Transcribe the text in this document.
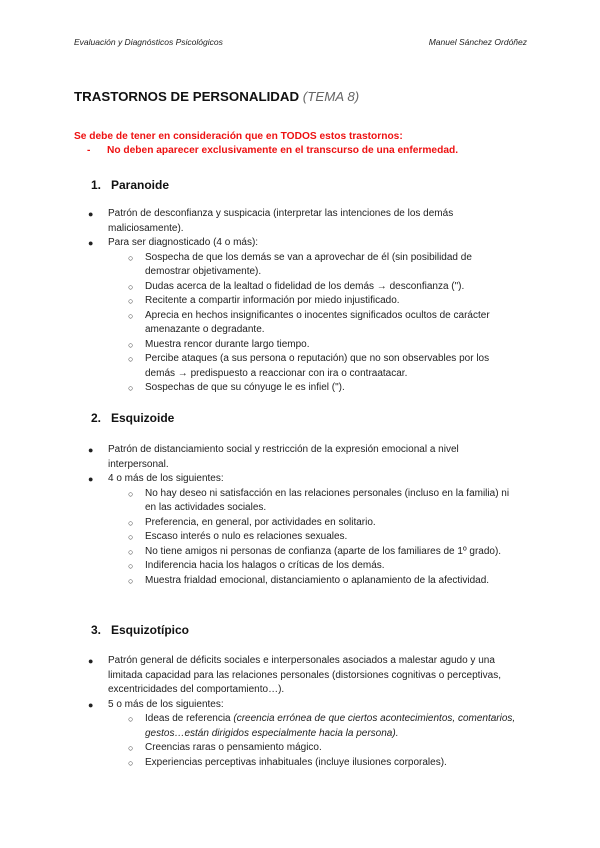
Evaluación y Diagnósticos Psicológicos	Manuel Sánchez Ordóñez
TRASTORNOS DE PERSONALIDAD (TEMA 8)
Se debe de tener en consideración que en TODOS estos trastornos:
- No deben aparecer exclusivamente en el transcurso de una enfermedad.
1. Paranoide
● Patrón de desconfianza y suspicacia (interpretar las intenciones de los demás maliciosamente).
● Para ser diagnosticado (4 o más):
○ Sospecha de que los demás se van a aprovechar de él (sin posibilidad de demostrar objetivamente).
○ Dudas acerca de la lealtad o fidelidad de los demás → desconfianza (").
○ Recitente a compartir información por miedo injustificado.
○ Aprecia en hechos insignificantes o inocentes significados ocultos de carácter amenazante o degradante.
○ Muestra rencor durante largo tiempo.
○ Percibe ataques (a sus persona o reputación) que no son observables por los demás → predispuesto a reaccionar con ira o contraatacar.
○ Sospechas de que su cónyuge le es infiel (").
2. Esquizoide
● Patrón de distanciamiento social y restricción de la expresión emocional a nivel interpersonal.
● 4 o más de los siguientes:
○ No hay deseo ni satisfacción en las relaciones personales (incluso en la familia) ni en las actividades sociales.
○ Preferencia, en general, por actividades en solitario.
○ Escaso interés o nulo es relaciones sexuales.
○ No tiene amigos ni personas de confianza (aparte de los familiares de 1º grado).
○ Indiferencia hacia los halagos o críticas de los demás.
○ Muestra frialdad emocional, distanciamiento o aplanamiento de la afectividad.
3. Esquizotípico
● Patrón general de déficits sociales e interpersonales asociados a malestar agudo y una limitada capacidad para las relaciones personales (distorsiones cognitivas o perceptivas, excentricidades del comportamiento…).
● 5 o más de los siguientes:
○ Ideas de referencia (creencia errónea de que ciertos acontecimientos, comentarios, gestos…están dirigidos especialmente hacia la persona).
○ Creencias raras o pensamiento mágico.
○ Experiencias perceptivas inhabituales (incluye ilusiones corporales).
